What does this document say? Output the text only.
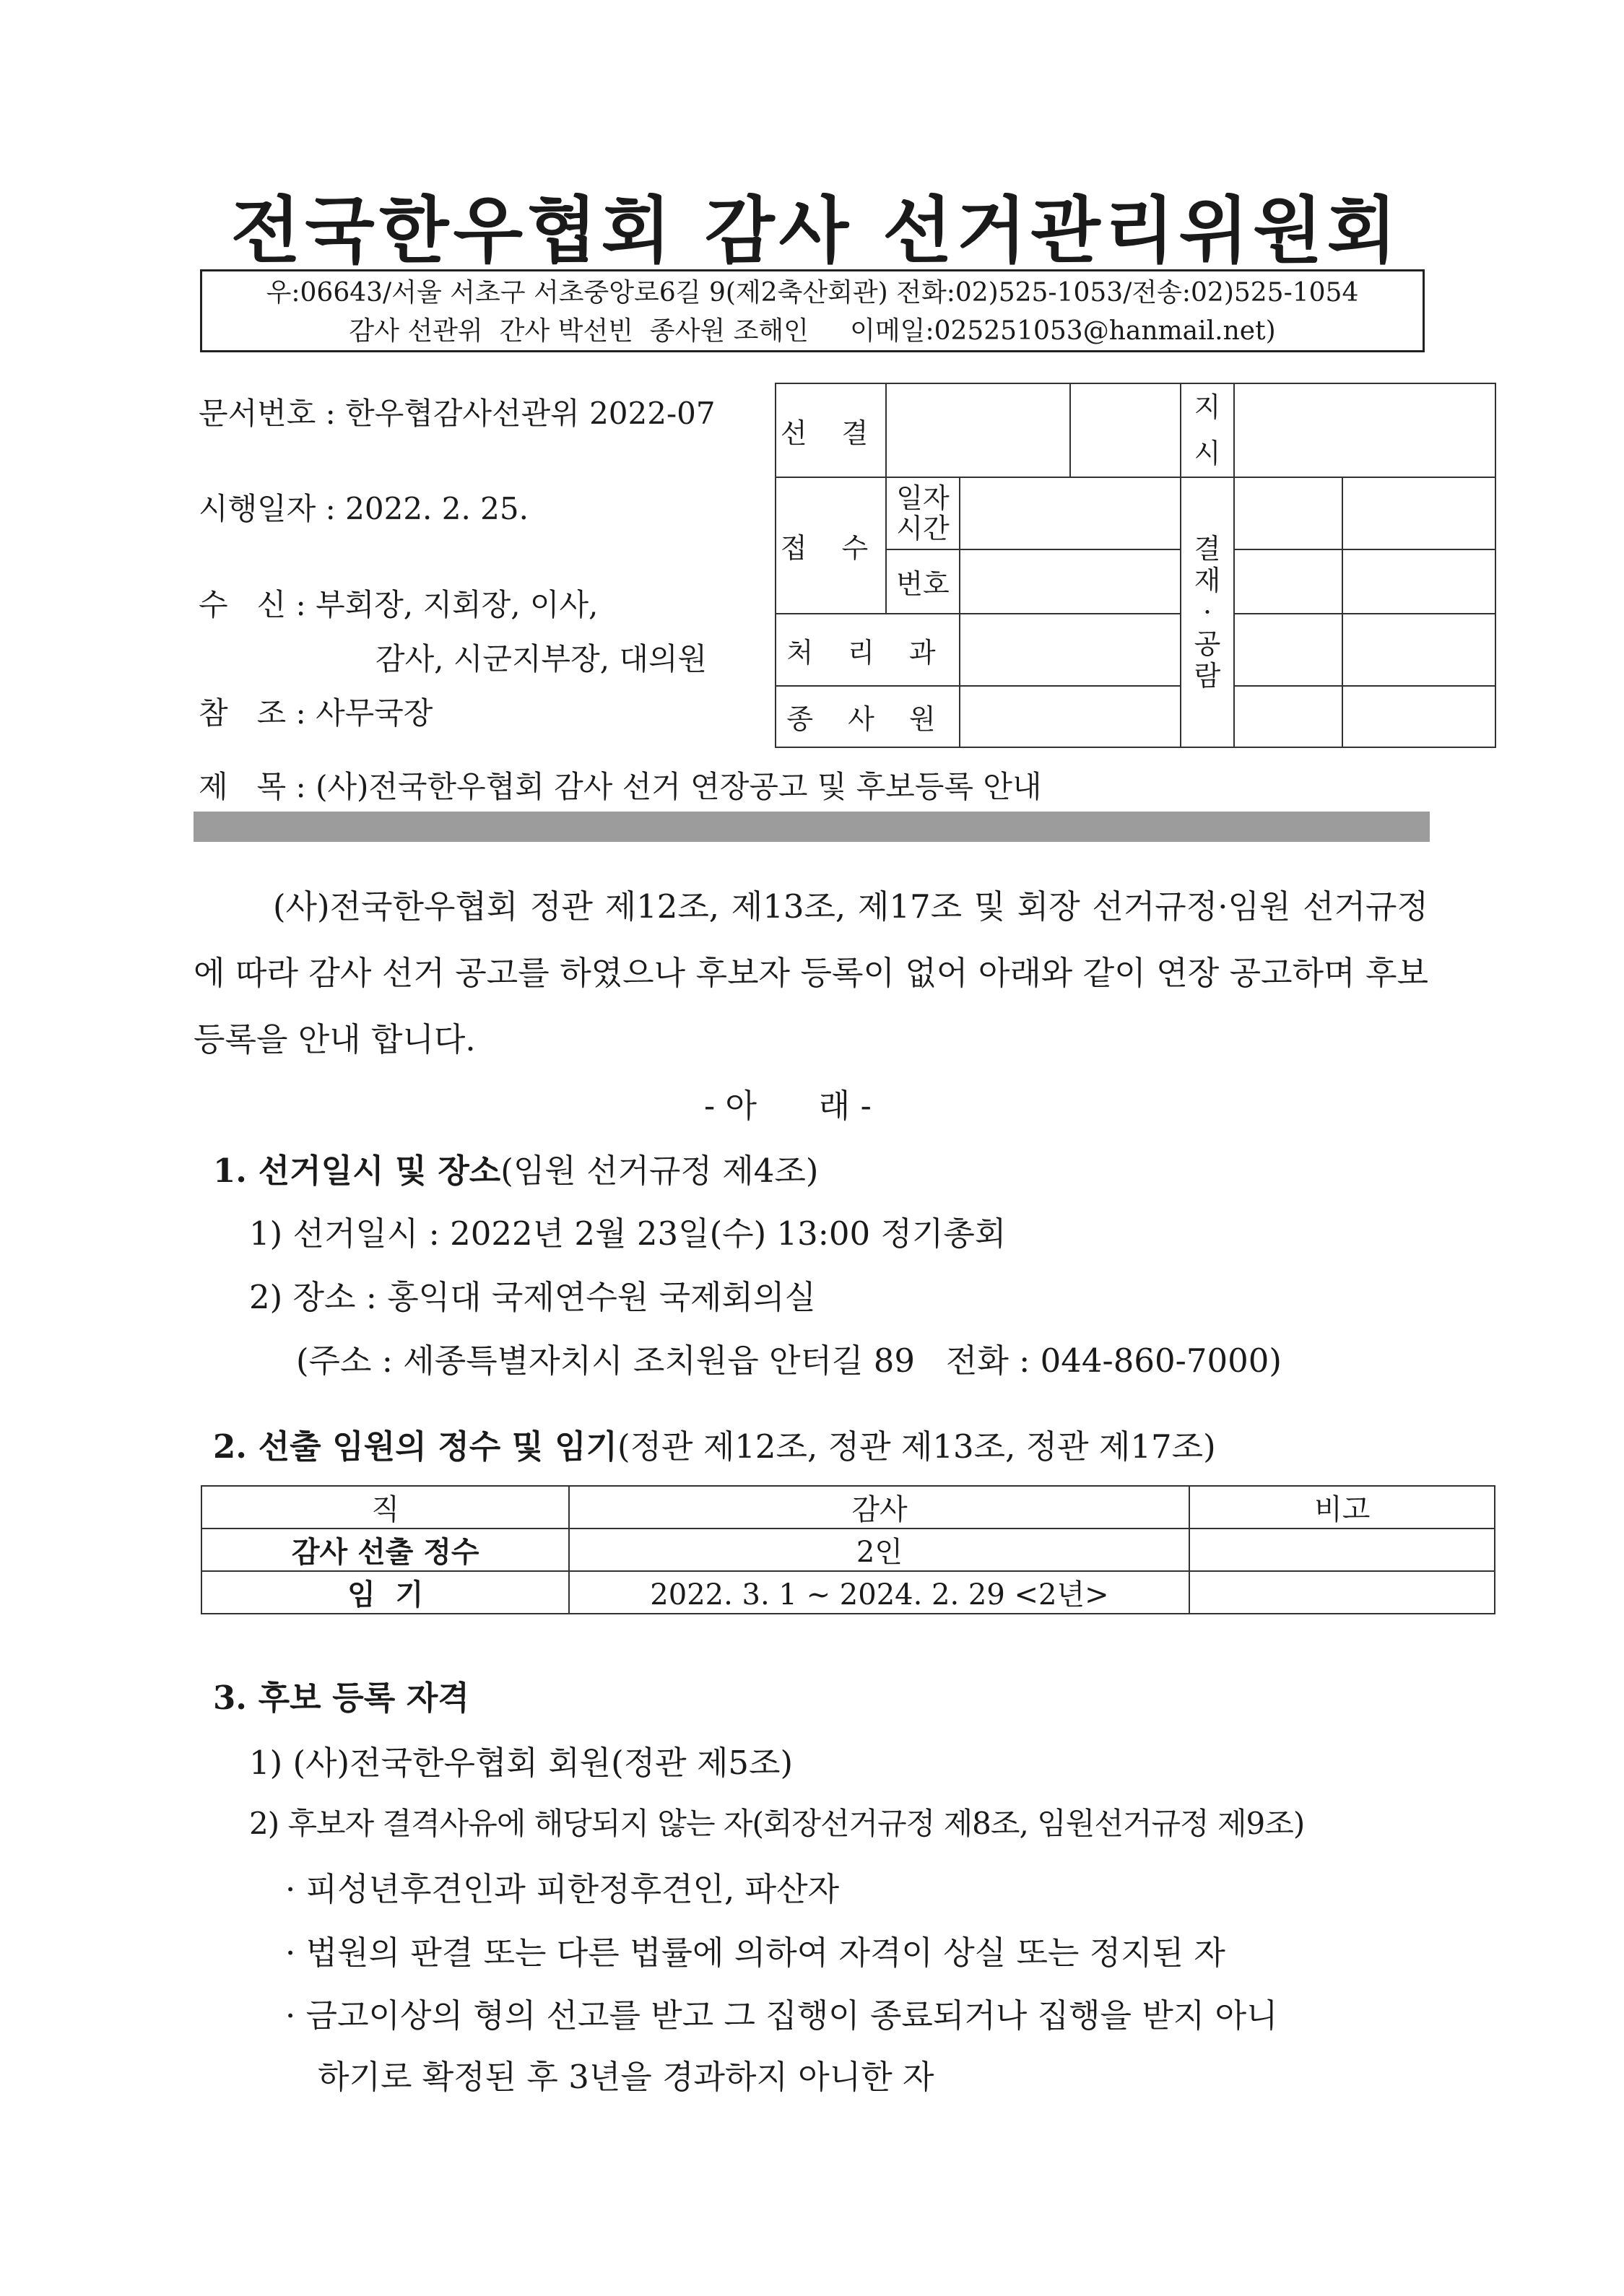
전국한우협회 감사 선거관리위원회
우:06643/서울 서초구 서초중앙로6길 9(제2축산회관) 전화:02)525-1053/전송:02)525-1054
감사 선관위  간사 박선빈  종사원 조해인     이메일:025251053@hanmail.net)
문서번호 : 한우협감사선관위 2022-07
시행일자 : 2022. 2. 25.
수   신 : 부회장, 지회장, 이사,
감사, 시군지부장, 대의원
참   조 : 사무국장
제   목 : (사)전국한우협회 감사 선거 연장공고 및 후보등록 안내
선 결				지시		
접 수	일자시간			결재·공람		
	번호					
처 리 과						
종 사 원						
(사)전국한우협회 정관 제12조, 제13조, 제17조 및 회장 선거규정·임원 선거규정에 따라 감사 선거 공고를 하였으나 후보자 등록이 없어 아래와 같이 연장 공고하며 후보등록을 안내 합니다.
- 아      래 -
1. 선거일시 및 장소(임원 선거규정 제4조)
1) 선거일시 : 2022년 2월 23일(수) 13:00 정기총회
2) 장소 : 홍익대 국제연수원 국제회의실
(주소 : 세종특별자치시 조치원읍 안터길 89   전화 : 044-860-7000)
2. 선출 임원의 정수 및 임기(정관 제12조, 정관 제13조, 정관 제17조)
직	감사	비고
감사 선출 정수	2인	
임  기	2022. 3. 1 ~ 2024. 2. 29 <2년>	
3. 후보 등록 자격
1) (사)전국한우협회 회원(정관 제5조)
2) 후보자 결격사유에 해당되지 않는 자(회장선거규정 제8조, 임원선거규정 제9조)
· 피성년후견인과 피한정후견인, 파산자
· 법원의 판결 또는 다른 법률에 의하여 자격이 상실 또는 정지된 자
· 금고이상의 형의 선고를 받고 그 집행이 종료되거나 집행을 받지 아니
하기로 확정된 후 3년을 경과하지 아니한 자
